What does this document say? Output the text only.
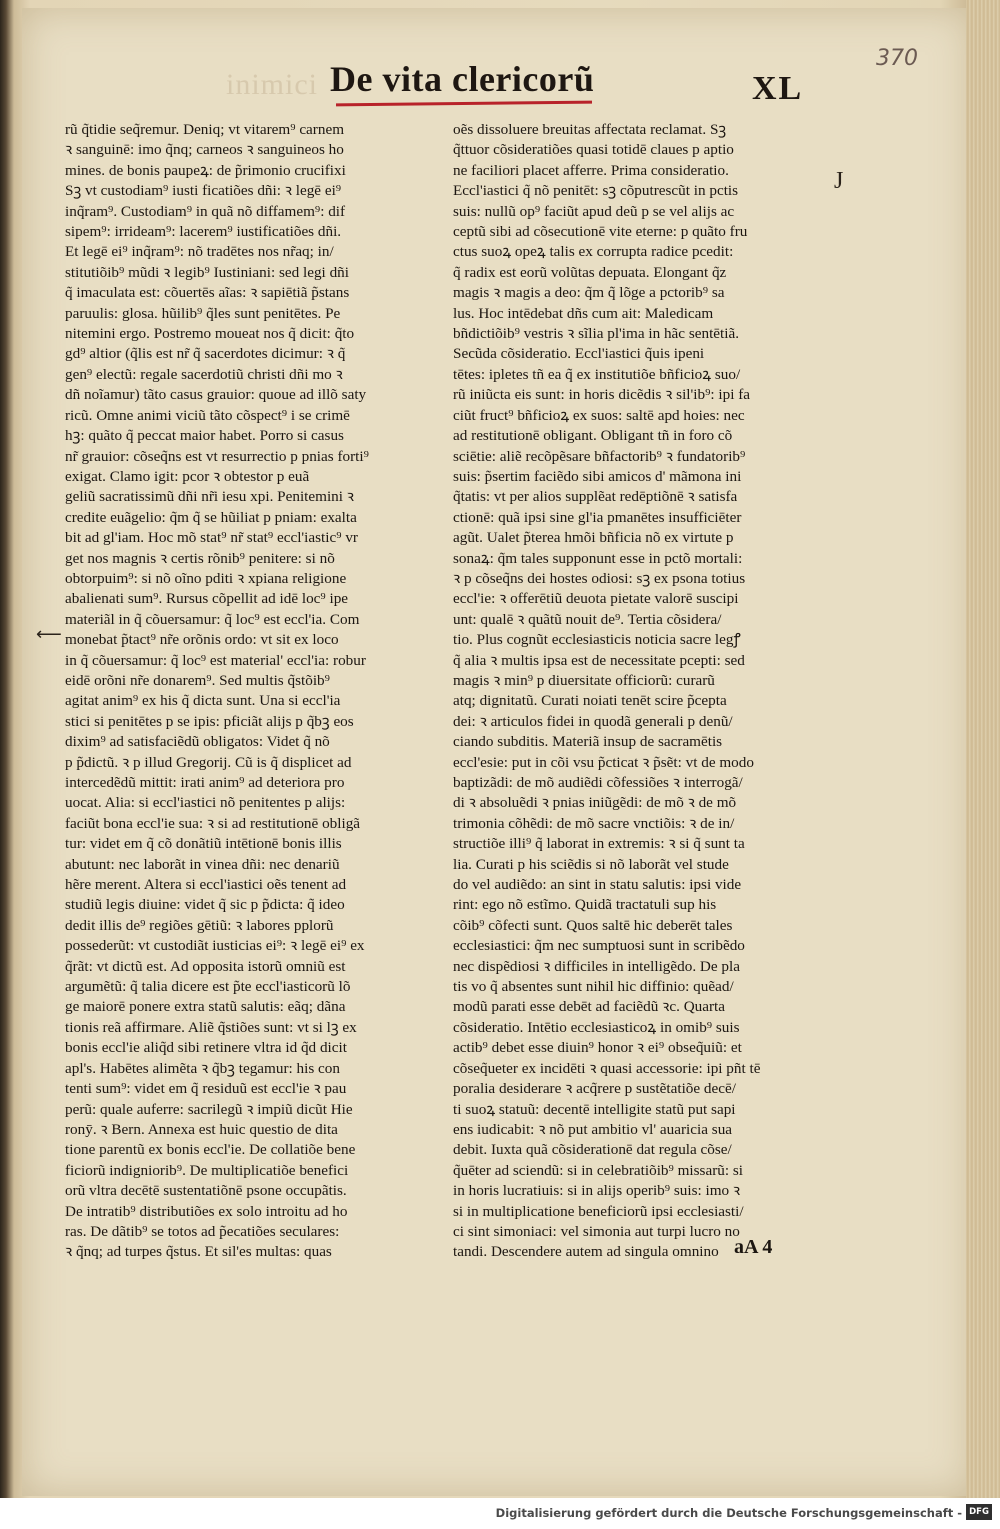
370
inimici De vita clericorũ	XL
J
⟵
rũ q̃tidie seq̃remur. Deniq; vt vitarem⁹ carnem
ꝛ sanguinē: imo q̃nq; carneos ꝛ sanguineos ho
mines. de bonis paupeꝝ: de p̃rimonio crucifixi
Sꝫ vt custodiam⁹ iusti ficatiões dñi: ꝛ legē ei⁹
inq̃ram⁹. Custodiam⁹ in quã nõ diffamem⁹: dif
sipem⁹: irrideam⁹: lacerem⁹ iustificatiões dñi.
Et legē ei⁹ inq̃ram⁹: nõ tradētes nos nr̃aq; in/
stitutiõib⁹ mũdi ꝛ legib⁹ Iustiniani: sed legi dñi
q̃ imaculata est: cõuertēs aĩas: ꝛ sapiētiã p̃stans
paruulis: glosa. hũilib⁹ q̃les sunt penitētes. Pe
nitemini ergo. Postremo moueat nos q̃ dicit: q̃to
gd⁹ altior (q̃lis est nr̃ q̃ sacerdotes dicimur: ꝛ q̃
gen⁹ electũ: regale sacerdotiũ christi dñi mo ꝛ
dñ noĩamur) tãto casus grauior: quoue ad illõ saty
ricũ. Omne animi viciũ tãto cõspect⁹ i se crimē
hꝫ: quãto q̃ peccat maior habet. Porro si casus
nr̃ grauior: cõseq̃ns est vt resurrectio p pnias forti⁹
exigat. Clamo igit: pcor ꝛ obtestor p euã
geliũ sacratissimũ dñi nr̃i iesu xpi. Penitemini ꝛ
credite euãgelio: q̃m q̃ se hũiliat p pniam: exalta
bit ad gl'iam. Hoc mõ stat⁹ nr̃ stat⁹ eccl'iastic⁹ vr
get nos magnis ꝛ certis rõnib⁹ penitere: si nõ
obtorpuim⁹: si nõ oĩno pditi ꝛ xpiana religione
abalienati sum⁹. Rursus cõpellit ad idē loc⁹ ipe
materiãl in q̃ cõuersamur: q̃ loc⁹ est eccl'ia. Com
monebat p̃tact⁹ nr̃e orõnis ordo: vt sit ex loco
in q̃ cõuersamur: q̃ loc⁹ est material' eccl'ia: robur
eidē orõni nr̃e donarem⁹. Sed multis q̃stõib⁹
agitat anim⁹ ex his q̃ dicta sunt. Una si eccl'ia
stici si penitētes p se ipis: pficiãt alijs p q̃bꝫ eos
dixim⁹ ad satisfaciẽdũ obligatos: Videt q̃ nõ
p p̃dictũ. ꝛ p illud Gregorij. Cũ is q̃ displicet ad
intercedẽdũ mittit: irati anim⁹ ad deteriora pro
uocat. Alia: si eccl'iastici nõ penitentes p alijs:
faciũt bona eccl'ie sua: ꝛ si ad restitutionē obligã
tur: videt em q̃ cõ donãtiũ intētionē bonis illis
abutunt: nec laborãt in vinea dñi: nec denariũ
hẽre merent. Altera si eccl'iastici oẽs tenent ad
studiũ legis diuine: videt q̃ sic p p̃dicta: q̃ ideo
dedit illis de⁹ regiões gētiũ: ꝛ labores pplorũ
possederũt: vt custodiãt iusticias ei⁹: ꝛ legē ei⁹ ex
q̃rãt: vt dictũ est. Ad opposita istorũ omniũ est
argumẽtũ: q̃ talia dicere est p̃te eccl'iasticorũ lõ
ge maiorē ponere extra statũ salutis: eãq; dãna
tionis reã affirmare. Aliẽ q̃stiões sunt: vt si lꝫ ex
bonis eccl'ie aliq̃d sibi retinere vltra id q̃d dicit
apl's. Habētes alimẽta ꝛ q̃bꝫ tegamur: his con
tenti sum⁹: videt em q̃ residuũ est eccl'ie ꝛ pau
perũ: quale auferre: sacrilegũ ꝛ impiũ dicũt Hie
ronȳ. ꝛ Bern. Annexa est huic questio de dita
tione parentũ ex bonis eccl'ie. De collatiõe bene
ficiorũ indigniorib⁹. De multiplicatiõe benefici
orũ vltra decētē sustentatiõnē psone occupãtis.
De intratib⁹ distributiões ex solo introitu ad ho
ras. De dãtib⁹ se totos ad p̃ecatiões seculares:
ꝛ q̃nq; ad turpes q̃stus. Et sil'es multas: quas
oẽs dissoluere breuitas affectata reclamat. Sꝫ
q̃ttuor cõsideratiões quasi totidē claues p aptio
ne faciliori placet afferre. Prima consideratio.
Eccl'iastici q̃ nõ penitēt: sꝫ cõputrescũt in pctis
suis: nullũ op⁹ faciũt apud deũ p se vel alijs ac
ceptũ sibi ad cõsecutionē vite eterne: p quãto fru
ctus suoꝝ opeꝝ talis ex corrupta radice pcedit:
q̃ radix est eorũ volũtas depuata. Elongant q̃z
magis ꝛ magis a deo: q̃m q̃ lõge a pctorib⁹ sa
lus. Hoc intēdebat dñs cum ait: Maledicam
bñdictiõib⁹ vestris ꝛ sĩlia pl'ima in hãc sentētiã.
Secũda cõsideratio. Eccl'iastici q̃uis ipeni
tētes: ipletes tñ ea q̃ ex institutiõe bñficioꝝ suo/
rũ iniũcta eis sunt: in horis dicẽdis ꝛ sil'ib⁹: ipi fa
ciũt fruct⁹ bñficioꝝ ex suos: saltē apd hoies: nec
ad restitutionē obligant. Obligant tñ in foro cõ
sciētie: aliẽ recõpẽsare bñfactorib⁹ ꝛ fundatorib⁹
suis: p̃sertim faciẽdo sibi amicos d' mãmona ini
q̃tatis: vt per alios supplẽat redēptiõnē ꝛ satisfa
ctionē: quã ipsi sine gl'ia pmanētes insufficiēter
agũt. Ualet p̃terea hmõi bñficia nõ ex virtute p
sonaꝝ: q̃m tales supponunt esse in pctõ mortali:
ꝛ p cõseq̃ns dei hostes odiosi: sꝫ ex psona totius
eccl'ie: ꝛ offerētiũ deuota pietate valorē suscipi
unt: qualē ꝛ quãtũ nouit de⁹. Tertia cõsidera/
tio. Plus cognũt ecclesiasticis noticia sacre legꝭ
q̃ alia ꝛ multis ipsa est de necessitate pcepti: sed
magis ꝛ min⁹ p diuersitate officiorũ: curarũ
atq; dignitatũ. Curati noiati tenēt scire p̃cepta
dei: ꝛ articulos fidei in quodã generali p denũ/
ciando subditis. Materiã insup de sacramētis
eccl'esie: put in cõi vsu p̃cticat ꝛ p̃sẽt: vt de modo
baptizãdi: de mõ audiẽdi cõfessiões ꝛ interrogã/
di ꝛ absoluẽdi ꝛ pnias iniũgẽdi: de mõ ꝛ de mõ
trimonia cõhẽdi: de mõ sacre vnctiõis: ꝛ de in/
structiõe illi⁹ q̃ laborat in extremis: ꝛ si q̃ sunt ta
lia. Curati p his sciẽdis si nõ laborãt vel stude
do vel audiẽdo: an sint in statu salutis: ipsi vide
rint: ego nõ estĩmo. Quidã tractatuli sup his
cõib⁹ cõfecti sunt. Quos saltē hic deberēt tales
ecclesiastici: q̃m nec sumptuosi sunt in scribẽdo
nec dispẽdiosi ꝛ difficiles in intelligẽdo. De pla
tis vo q̃ absentes sunt nihil hic diffinio: quẽad/
modũ parati esse debēt ad faciẽdũ ꝛc. Quarta
cõsideratio. Intētio ecclesiasticoꝝ in omib⁹ suis
actib⁹ debet esse diuin⁹ honor ꝛ ei⁹ obseq̃uiũ: et
cõseq̃ueter ex incidēti ꝛ quasi accessorie: ipi pñt tē
poralia desiderare ꝛ acq̃rere p sustẽtatiõe decē/
ti suoꝝ statuũ: decentē intelligite statũ put sapi
ens iudicabit: ꝛ nõ put ambitio vl' auaricia sua
debit. Iuxta quã cõsiderationē dat regula cõse/
q̃uēter ad sciendũ: si in celebratiõib⁹ missarũ: si
in horis lucratiuis: si in alijs operib⁹ suis: imo ꝛ
si in multiplicatione beneficiorũ ipsi ecclesiasti/
ci sint simoniaci: vel simonia aut turpi lucro no
tandi. Descendere autem ad singula omnino aA 4
Digitalisierung gefördert durch die Deutsche Forschungsgemeinschaft - DFG
